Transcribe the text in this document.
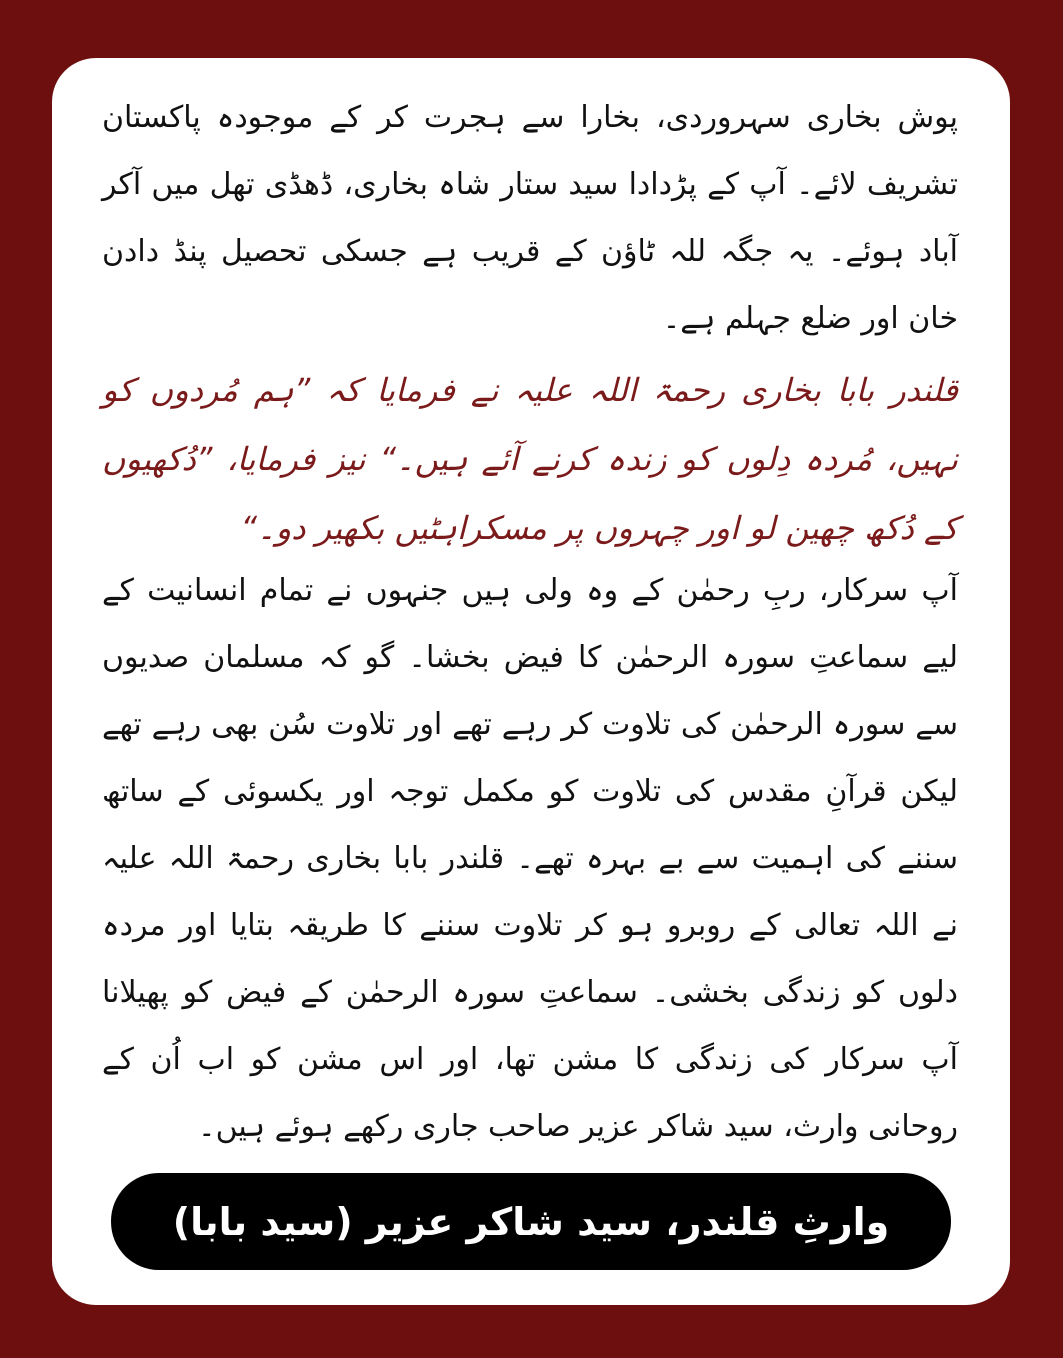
پوش بخاری سہروردی، بخارا سے ہجرت کر کے موجودہ پاکستان تشریف لائے۔ آپ کے پڑدادا سید ستار شاہ بخاری، ڈھڈی تھل میں آکر آباد ہوئے۔ یہ جگہ للہ ٹاؤن کے قریب ہے جسکی تحصیل پنڈ دادن خان اور ضلع جہلم ہے۔

قلندر بابا بخاری رحمۃ اللہ علیہ نے فرمایا کہ ”ہم مُردوں کو نہیں، مُردہ دِلوں کو زندہ کرنے آئے ہیں۔“ نیز فرمایا، ”دُکھیوں کے دُکھ چھین لو اور چہروں پر مسکراہٹیں بکھیر دو۔“

آپ سرکار، ربِ رحمٰن کے وہ ولی ہیں جنہوں نے تمام انسانیت کے لیے سماعتِ سورہ الرحمٰن کا فیض بخشا۔ گو کہ مسلمان صدیوں سے سورہ الرحمٰن کی تلاوت کر رہے تھے اور تلاوت سُن بھی رہے تھے لیکن قرآنِ مقدس کی تلاوت کو مکمل توجہ اور یکسوئی کے ساتھ سننے کی اہمیت سے بے بہرہ تھے۔ قلندر بابا بخاری رحمۃ اللہ علیہ نے اللہ تعالی کے روبرو ہو کر تلاوت سننے کا طریقہ بتایا اور مردہ دلوں کو زندگی بخشی۔ سماعتِ سورہ الرحمٰن کے فیض کو پھیلانا آپ سرکار کی زندگی کا مشن تھا، اور اس مشن کو اب اُن کے روحانی وارث، سید شاکر عزیر صاحب جاری رکھے ہوئے ہیں۔

وارثِ قلندر، سید شاکر عزیر (سید بابا)
